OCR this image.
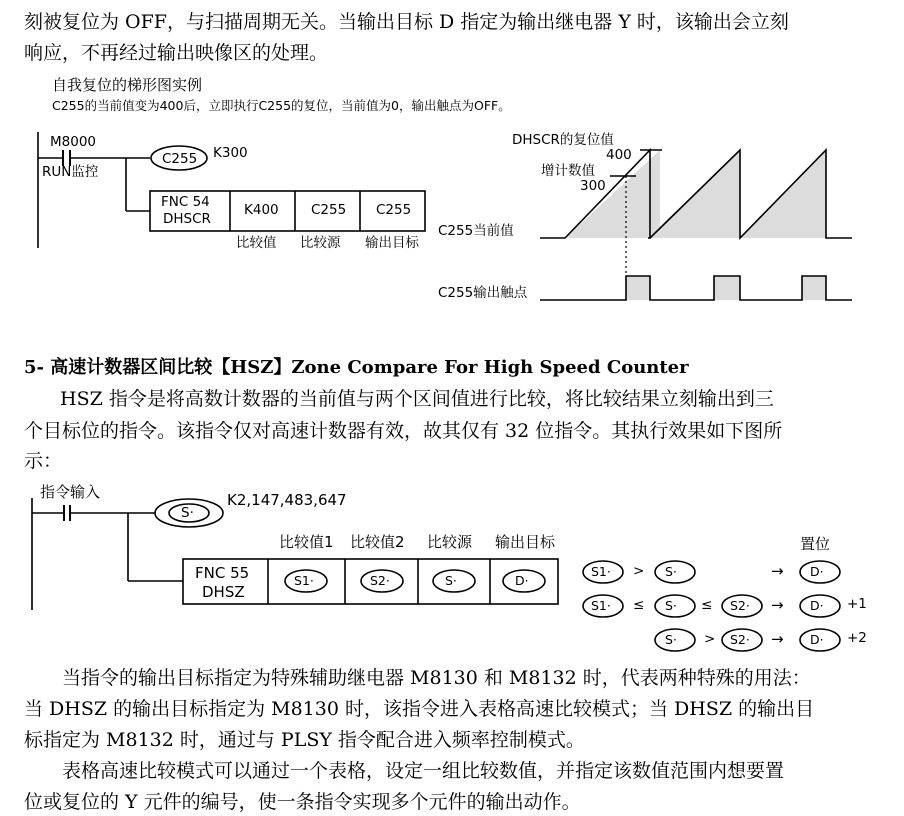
刻被复位为 OFF，与扫描周期无关。当输出目标 D 指定为输出继电器 Y 时，该输出会立刻
响应，不再经过输出映像区的处理。
自我复位的梯形图实例
C255的当前值变为400后，立即执行C255的复位，当前值为0，输出触点为OFF。
M8000
RUN监控
C255 K300
FNC 54
DHSCR
K400 C255 C255
比较值 比较源 输出目标
DHSCR的复位值
400
增计数值
300
C255当前值
C255输出触点
5- 高速计数器区间比较【HSZ】Zone Compare For High Speed Counter
HSZ 指令是将高数计数器的当前值与两个区间值进行比较，将比较结果立刻输出到三
个目标位的指令。该指令仅对高速计数器有效，故其仅有 32 位指令。其执行效果如下图所
示：
指令输入
S·
K2,147,483,647
比较值1 比较值2 比较源 输出目标
FNC 55
DHSZ
S1·	S2·	S·	D·
置位
S1· > S·	→ D·
S1· ≤ S· ≤ S2· → D· +1
S· > S2· → D· +2
当指令的输出目标指定为特殊辅助继电器 M8130 和 M8132 时，代表两种特殊的用法：
当 DHSZ 的输出目标指定为 M8130 时，该指令进入表格高速比较模式；当 DHSZ 的输出目
标指定为 M8132 时，通过与 PLSY 指令配合进入频率控制模式。
表格高速比较模式可以通过一个表格，设定一组比较数值，并指定该数值范围内想要置
位或复位的 Y 元件的编号，使一条指令实现多个元件的输出动作。
